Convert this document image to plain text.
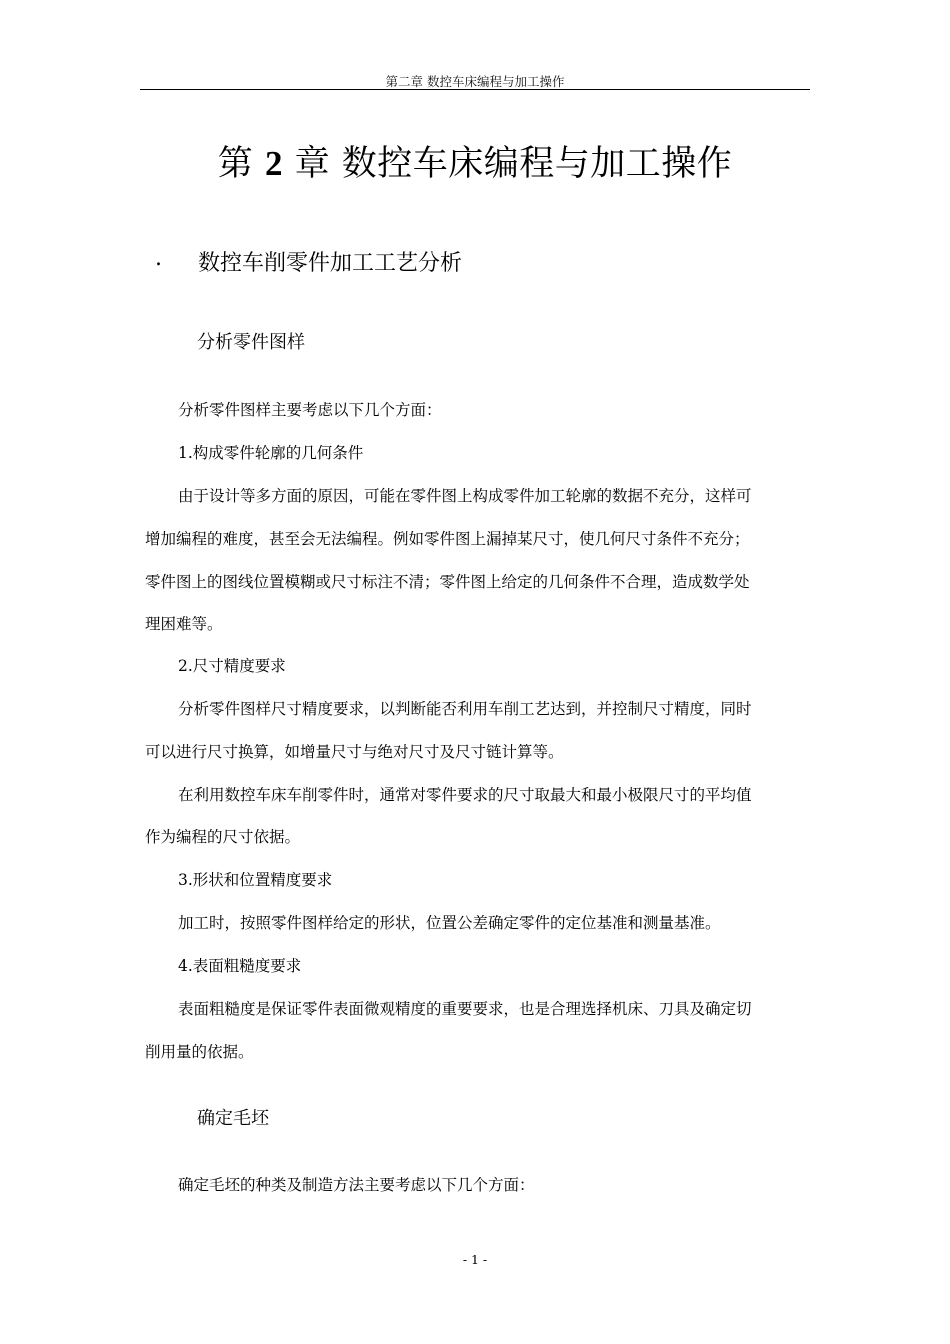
第二章 数控车床编程与加工操作
第 2 章 数控车床编程与加工操作
. 数控车削零件加工工艺分析
分析零件图样
分析零件图样主要考虑以下几个方面：
1.构成零件轮廓的几何条件
由于设计等多方面的原因，可能在零件图上构成零件加工轮廓的数据不充分，这样可
增加编程的难度，甚至会无法编程。例如零件图上漏掉某尺寸，使几何尺寸条件不充分；
零件图上的图线位置模糊或尺寸标注不清；零件图上给定的几何条件不合理，造成数学处
理困难等。
2.尺寸精度要求
分析零件图样尺寸精度要求，以判断能否利用车削工艺达到，并控制尺寸精度，同时
可以进行尺寸换算，如增量尺寸与绝对尺寸及尺寸链计算等。
在利用数控车床车削零件时，通常对零件要求的尺寸取最大和最小极限尺寸的平均值
作为编程的尺寸依据。
3.形状和位置精度要求
加工时，按照零件图样给定的形状，位置公差确定零件的定位基准和测量基准。
4.表面粗糙度要求
表面粗糙度是保证零件表面微观精度的重要要求，也是合理选择机床、刀具及确定切
削用量的依据。
确定毛坯
确定毛坯的种类及制造方法主要考虑以下几个方面：
- 1 -
